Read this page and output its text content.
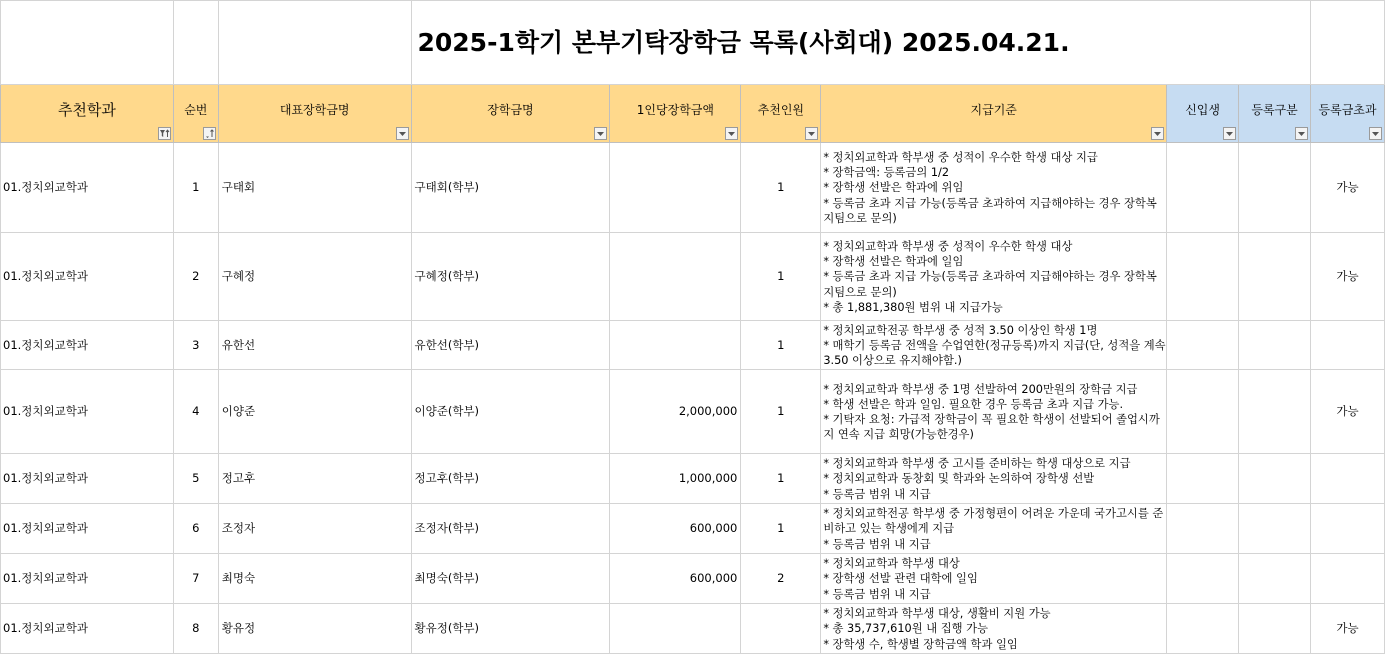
			2025-1학기 본부기탁장학금 목록(사회대) 2025.04.21.						

추천학과	순번	대표장학금명	장학금명	1인당장학금액	추천인원	지급기준	신입생	등록구분	등록금초과

01.정치외교학과	1	구태회	구태회(학부)		1	* 정치외교학과 학부생 중 성적이 우수한 학생 대상 지급
* 장학금액: 등록금의 1/2
* 장학생 선발은 학과에 위임
* 등록금 초과 지급 가능(등록금 초과하여 지급해야하는 경우 장학복지팀으로 문의)			가능
01.정치외교학과	2	구혜정	구혜정(학부)		1	* 정치외교학과 학부생 중 성적이 우수한 학생 대상
* 장학생 선발은 학과에 일임
* 등록금 초과 지급 가능(등록금 초과하여 지급해야하는 경우 장학복지팀으로 문의)
* 총 1,881,380원 범위 내 지급가능			가능
01.정치외교학과	3	유한선	유한선(학부)		1	* 정치외교학전공 학부생 중 성적 3.50 이상인 학생 1명
* 매학기 등록금 전액을 수업연한(정규등록)까지 지급(단, 성적을 계속3.50 이상으로 유지해야함.)			

01.정치외교학과	4	이양준	이양준(학부)	2,000,000	1	* 정치외교학과 학부생 중 1명 선발하여 200만원의 장학금 지급
* 학생 선발은 학과 일임. 필요한 경우 등록금 초과 지급 가능.
* 기탁자 요청: 가급적 장학금이 꼭 필요한 학생이 선발되어 졸업시까지 연속 지급 희망(가능한경우)			가능
01.정치외교학과	5	정고후	정고후(학부)	1,000,000	1	* 정치외교학과 학부생 중 고시를 준비하는 학생 대상으로 지급
* 정치외교학과 동창회 및 학과와 논의하여 장학생 선발
* 등록금 범위 내 지급			

01.정치외교학과	6	조정자	조정자(학부)	600,000	1	* 정치외교학전공 학부생 중 가정형편이 어려운 가운데 국가고시를 준비하고 있는 학생에게 지급
* 등록금 범위 내 지급			

01.정치외교학과	7	최명숙	최명숙(학부)	600,000	2	* 정치외교학과 학부생 대상
* 장학생 선발 관련 대학에 일임
* 등록금 범위 내 지급			

01.정치외교학과	8	황유정	황유정(학부)			* 정치외교학과 학부생 대상, 생활비 지원 가능
* 총 35,737,610원 내 집행 가능
* 장학생 수, 학생별 장학금액 학과 일임			가능
